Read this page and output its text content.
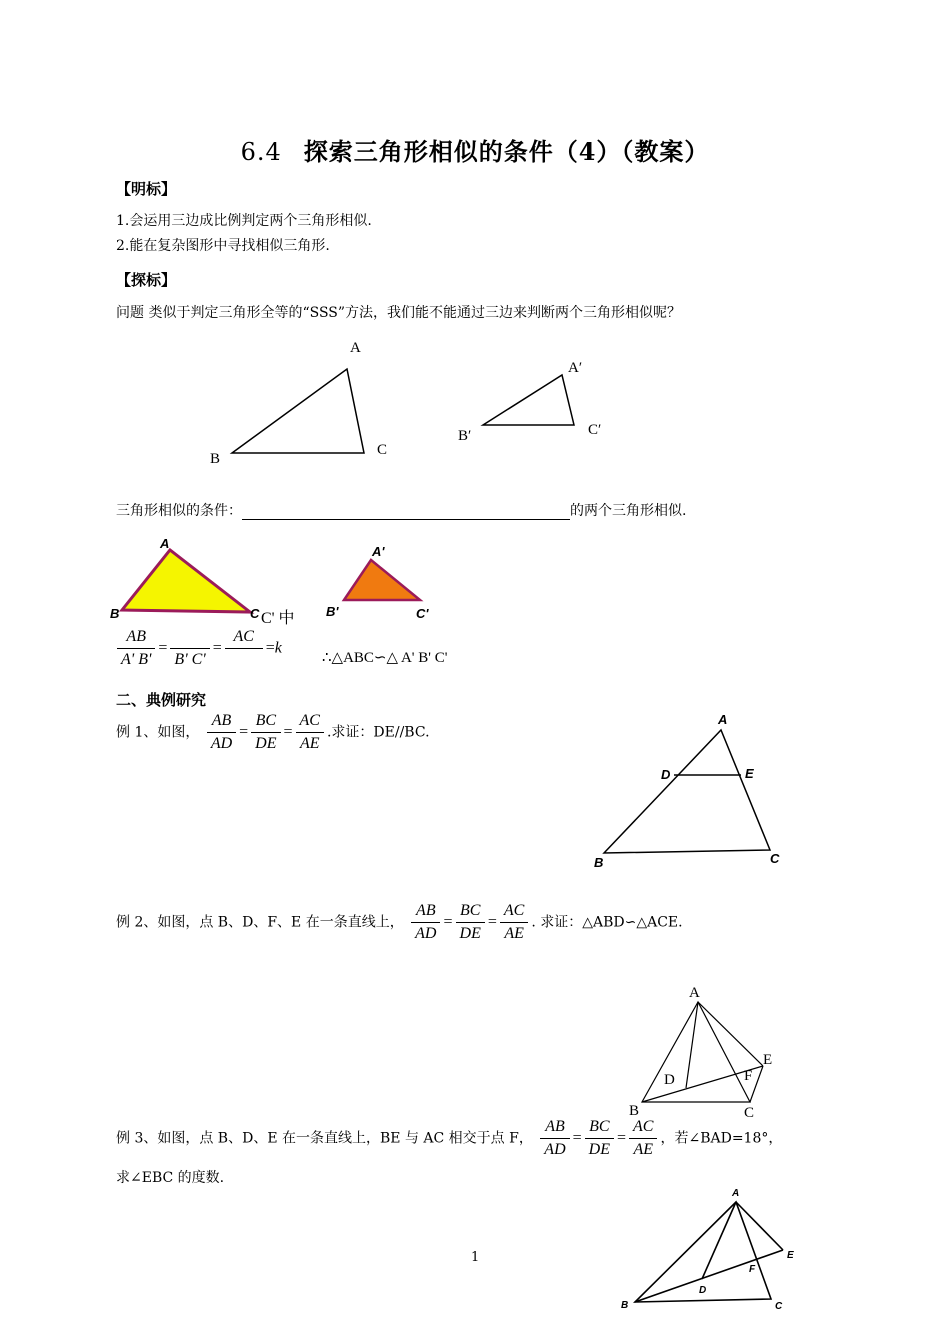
6.4 探索三角形相似的条件（4）（教案）
【明标】
1.会运用三边成比例判定两个三角形相似.
2.能在复杂图形中寻找相似三角形.
【探标】
问题 类似于判定三角形全等的“SSS”方法，我们能不能通过三边来判断两个三角形相似呢？
A
B
C
A′
B′	C′
三角形相似的条件：	的两个三角形相似.
A
B	C
A'
B'	C'
C' 中
$\frac{AB}{A' B'}$ =

B' C'
=
AC

=k
∴△ABC∽△ A' B' C'
二、典例研究
例 1、如图， $\frac{AB}{AD} = \frac{BC}{DE} = \frac{AC}{AE}$ .求证：DE//BC.
A
B	C
D	E
例 2、如图，点 B、D、F、E 在一条直线上， $\frac{AB}{AD} = \frac{BC}{DE} = \frac{AC}{AE}$ . 求证：△ABD∽△ACE.
A
B	C
D
E
F
例 3、如图，点 B、D、E 在一条直线上，BE 与 AC 相交于点 F， $\frac{AB}{AD} = \frac{BC}{DE} = \frac{AC}{AE}$ ，若∠BAD=18°，
求∠EBC 的度数.
A
B	C
D
E
F
1
